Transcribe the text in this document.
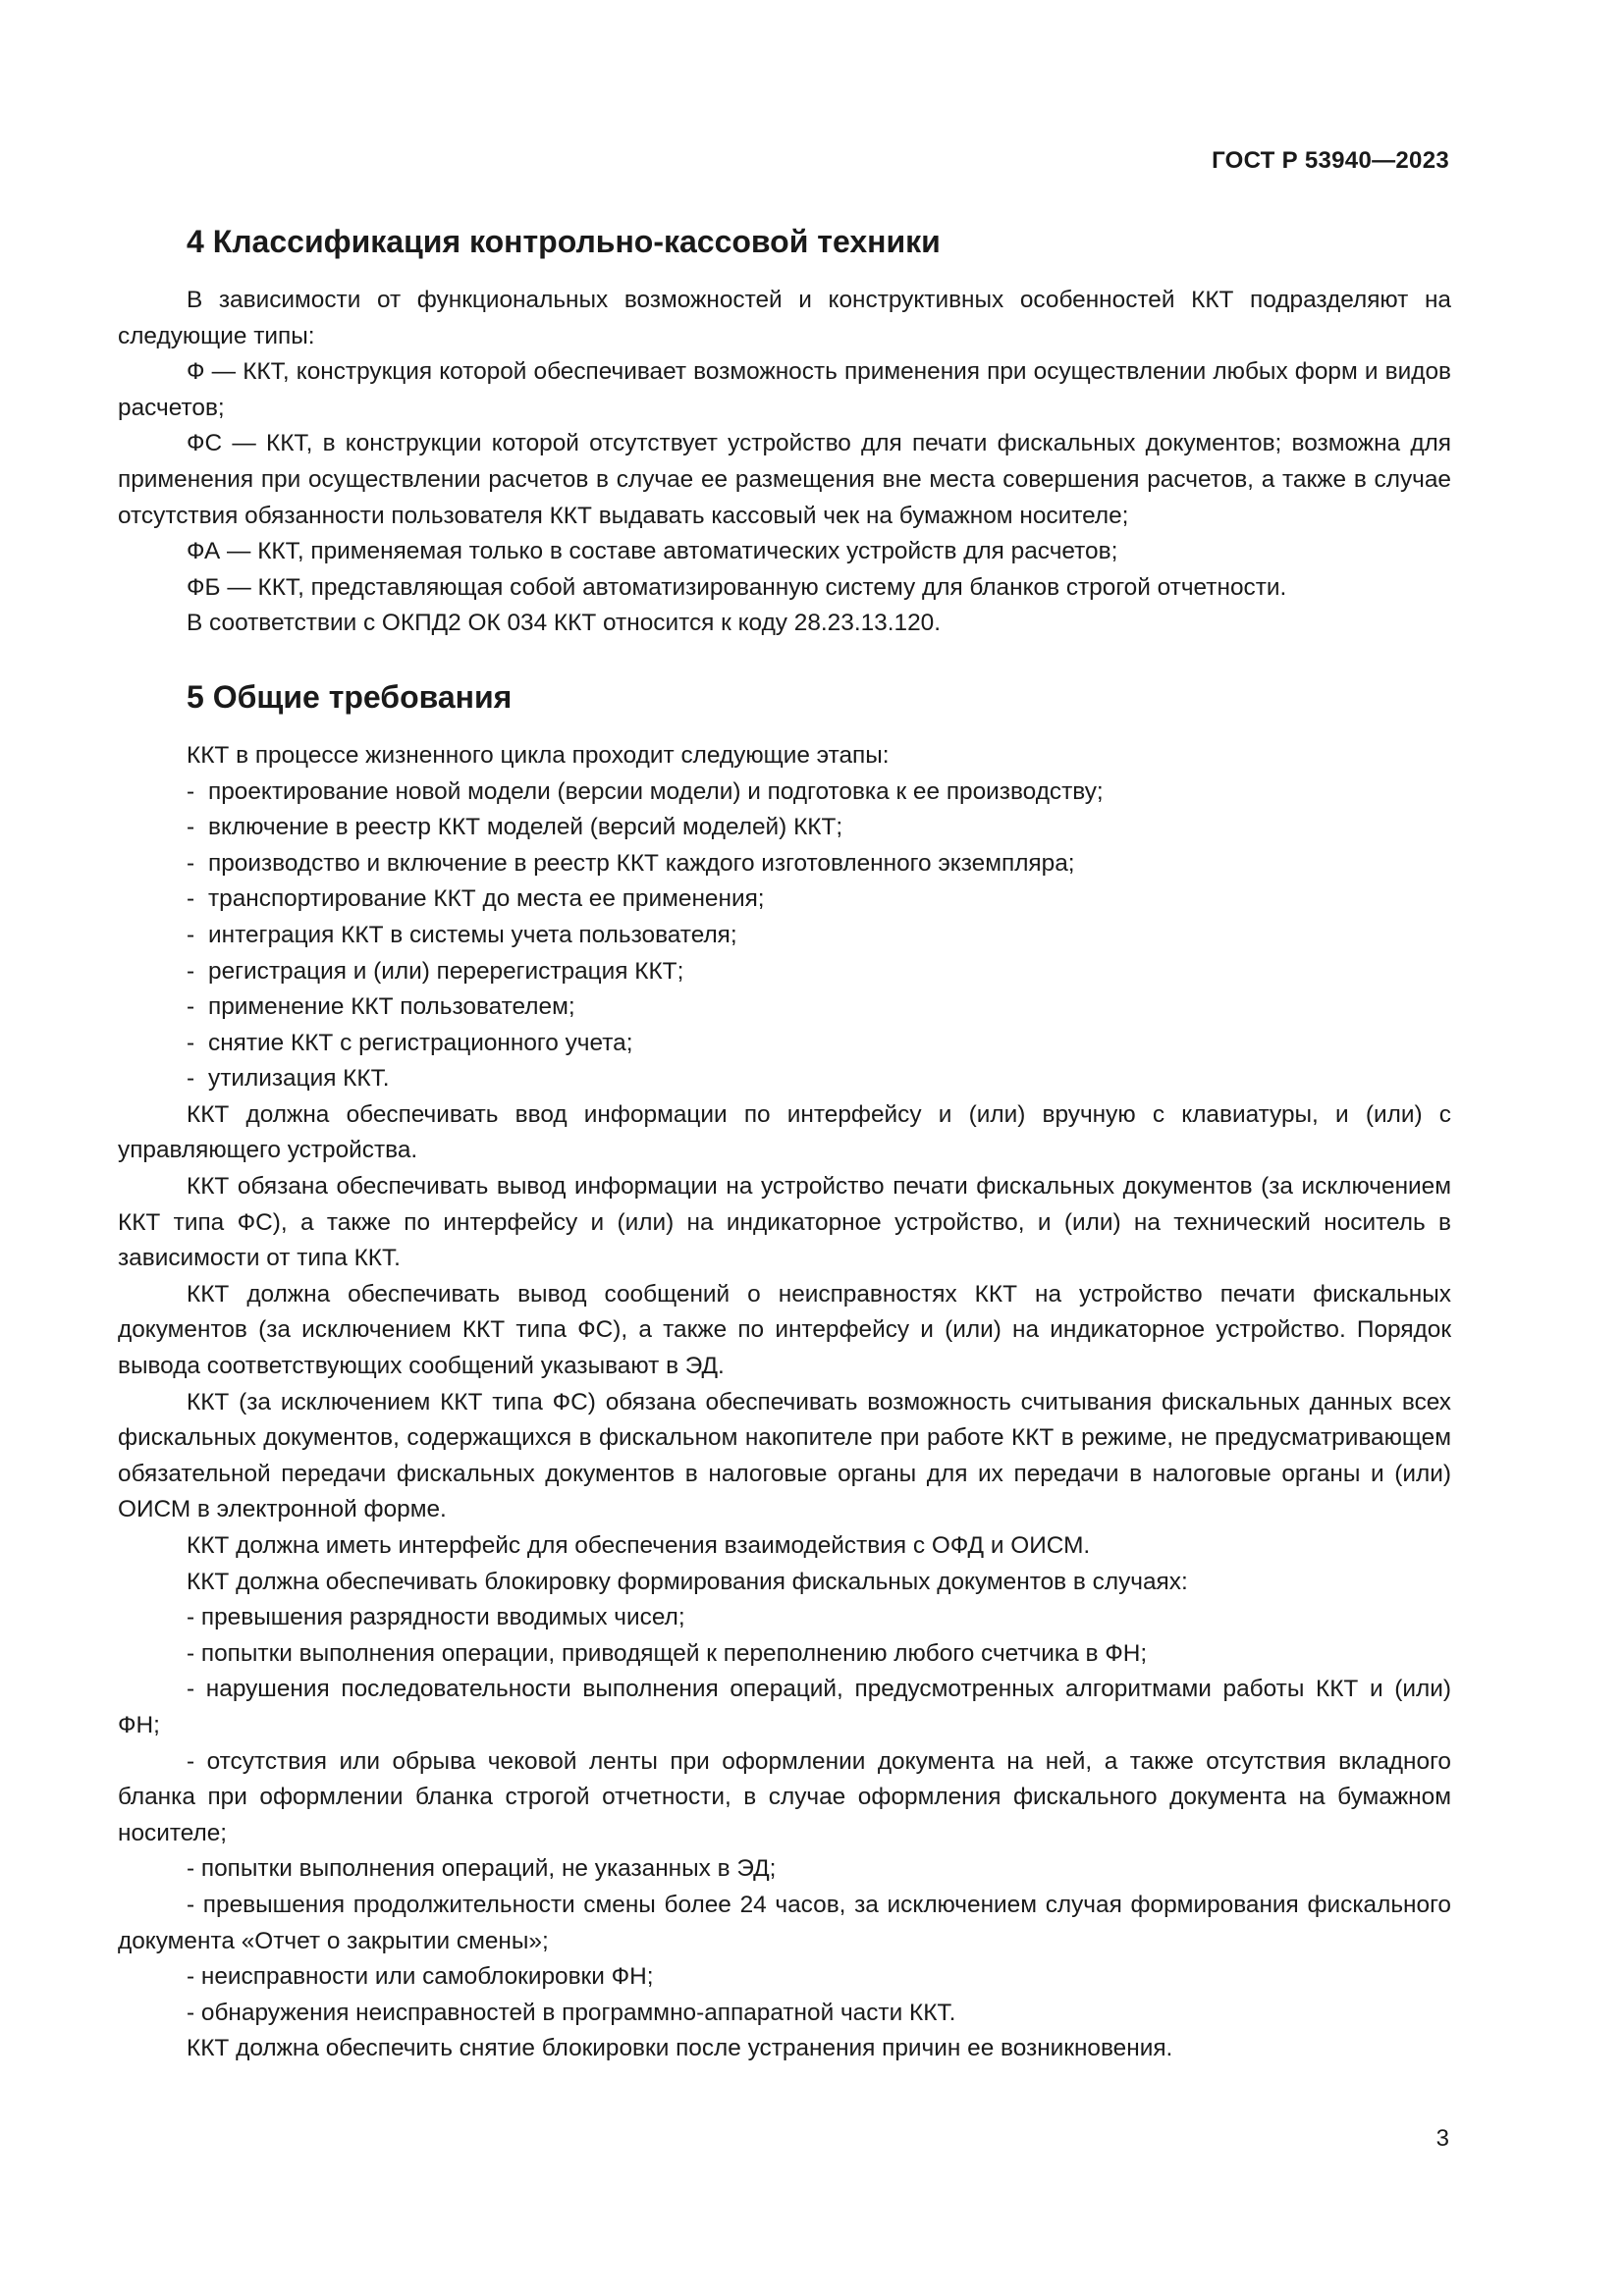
ГОСТ Р 53940—2023
4 Классификация контрольно-кассовой техники

В зависимости от функциональных возможностей и конструктивных особенностей ККТ подразделяют на следующие типы:

Ф — ККТ, конструкция которой обеспечивает возможность применения при осуществлении любых форм и видов расчетов;

ФС — ККТ, в конструкции которой отсутствует устройство для печати фискальных документов; возможна для применения при осуществлении расчетов в случае ее размещения вне места совершения расчетов, а также в случае отсутствия обязанности пользователя ККТ выдавать кассовый чек на бумажном носителе;

ФА — ККТ, применяемая только в составе автоматических устройств для расчетов;

ФБ — ККТ, представляющая собой автоматизированную систему для бланков строгой отчетности.

В соответствии с ОКПД2 ОК 034 ККТ относится к коду 28.23.13.120.

5 Общие требования

ККТ в процессе жизненного цикла проходит следующие этапы:

- проектирование новой модели (версии модели) и подготовка к ее производству;

- включение в реестр ККТ моделей (версий моделей) ККТ;

- производство и включение в реестр ККТ каждого изготовленного экземпляра;

- транспортирование ККТ до места ее применения;

- интеграция ККТ в системы учета пользователя;

- регистрация и (или) перерегистрация ККТ;

- применение ККТ пользователем;

- снятие ККТ с регистрационного учета;

- утилизация ККТ.

ККТ должна обеспечивать ввод информации по интерфейсу и (или) вручную с клавиатуры, и (или) с управляющего устройства.

ККТ обязана обеспечивать вывод информации на устройство печати фискальных документов (за исключением ККТ типа ФС), а также по интерфейсу и (или) на индикаторное устройство, и (или) на технический носитель в зависимости от типа ККТ.

ККТ должна обеспечивать вывод сообщений о неисправностях ККТ на устройство печати фискальных документов (за исключением ККТ типа ФС), а также по интерфейсу и (или) на индикаторное устройство. Порядок вывода соответствующих сообщений указывают в ЭД.

ККТ (за исключением ККТ типа ФС) обязана обеспечивать возможность считывания фискальных данных всех фискальных документов, содержащихся в фискальном накопителе при работе ККТ в режиме, не предусматривающем обязательной передачи фискальных документов в налоговые органы для их передачи в налоговые органы и (или) ОИСМ в электронной форме.

ККТ должна иметь интерфейс для обеспечения взаимодействия с ОФД и ОИСМ.

ККТ должна обеспечивать блокировку формирования фискальных документов в случаях:

- превышения разрядности вводимых чисел;

- попытки выполнения операции, приводящей к переполнению любого счетчика в ФН;

- нарушения последовательности выполнения операций, предусмотренных алгоритмами работы ККТ и (или) ФН;

- отсутствия или обрыва чековой ленты при оформлении документа на ней, а также отсутствия вкладного бланка при оформлении бланка строгой отчетности, в случае оформления фискального документа на бумажном носителе;

- попытки выполнения операций, не указанных в ЭД;

- превышения продолжительности смены более 24 часов, за исключением случая формирования фискального документа «Отчет о закрытии смены»;

- неисправности или самоблокировки ФН;

- обнаружения неисправностей в программно-аппаратной части ККТ.

ККТ должна обеспечить снятие блокировки после устранения причин ее возникновения.

3
